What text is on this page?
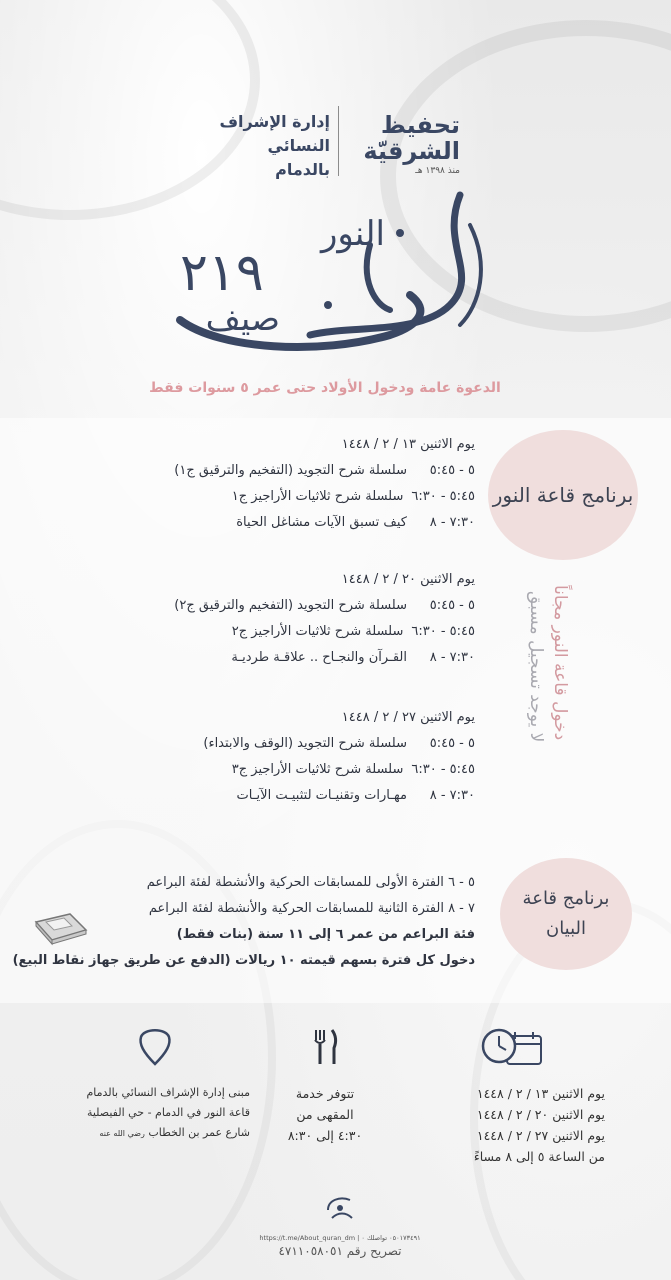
تحفيظ
الشرقيّة
منذ ١٣٩٨ هـ
إدارة الإشراف
النسائي
بالدمام
٢١٩
النور
صيف
الدعوة عامة ودخول الأولاد حتى عمر ٥ سنوات فقط
برنامج قاعة النور
دخول قاعة النور مجاناً
لا يوجد تسجيل مسبق
يوم الاثنين ١٣ / ٢ / ١٤٤٨
٥ - ٥:٤٥
سلسلة شرح التجويد (التفخيم والترقيق ج١)
٥:٤٥ - ٦:٣٠
سلسلة شرح ثلاثيات الأراجيز ج١
٧:٣٠ - ٨
كيف تسبق الآيات مشاغل الحياة
يوم الاثنين ٢٠ / ٢ / ١٤٤٨
٥ - ٥:٤٥
سلسلة شرح التجويد (التفخيم والترقيق ج٢)
٥:٤٥ - ٦:٣٠
سلسلة شرح ثلاثيات الأراجيز ج٢
٧:٣٠ - ٨
القـرآن والنجـاح .. علاقـة طرديـة
يوم الاثنين ٢٧ / ٢ / ١٤٤٨
٥ - ٥:٤٥
سلسلة شرح التجويد (الوقف والابتداء)
٥:٤٥ - ٦:٣٠
سلسلة شرح ثلاثيات الأراجيز ج٣
٧:٣٠ - ٨
مهـارات وتقنيـات لتثبيـت الآيـات
برنامج قاعة البيان
٥ - ٦ الفترة الأولى للمسابقات الحركية والأنشطة لفئة البراعم
٧ - ٨ الفترة الثانية للمسابقات الحركية والأنشطة لفئة البراعم
فئة البراعم من عمر ٦ إلى ١١ سنة (بنات فقط)
دخول كل فترة بسهم قيمته ١٠ ريالات (الدفع عن طريق جهاز نقاط البيع)
يوم الاثنين ١٣ / ٢ / ١٤٤٨
يوم الاثنين ٢٠ / ٢ / ١٤٤٨
يوم الاثنين ٢٧ / ٢ / ١٤٤٨
من الساعة ٥ إلى ٨ مساءً
تتوفر خدمة
المقهى من
٤:٣٠ إلى ٨:٣٠
مبنى إدارة الإشراف النسائي بالدمام
قاعة النور في الدمام - حي الفيصلية
شارع عمر بن الخطاب رضي الله عنه
https://t.me/About_quran_dm | ٠٥٠١٧٣٤٩١ تواصلك ٠
تصريح رقم ٤٧١١٠٥٨٠٥١
